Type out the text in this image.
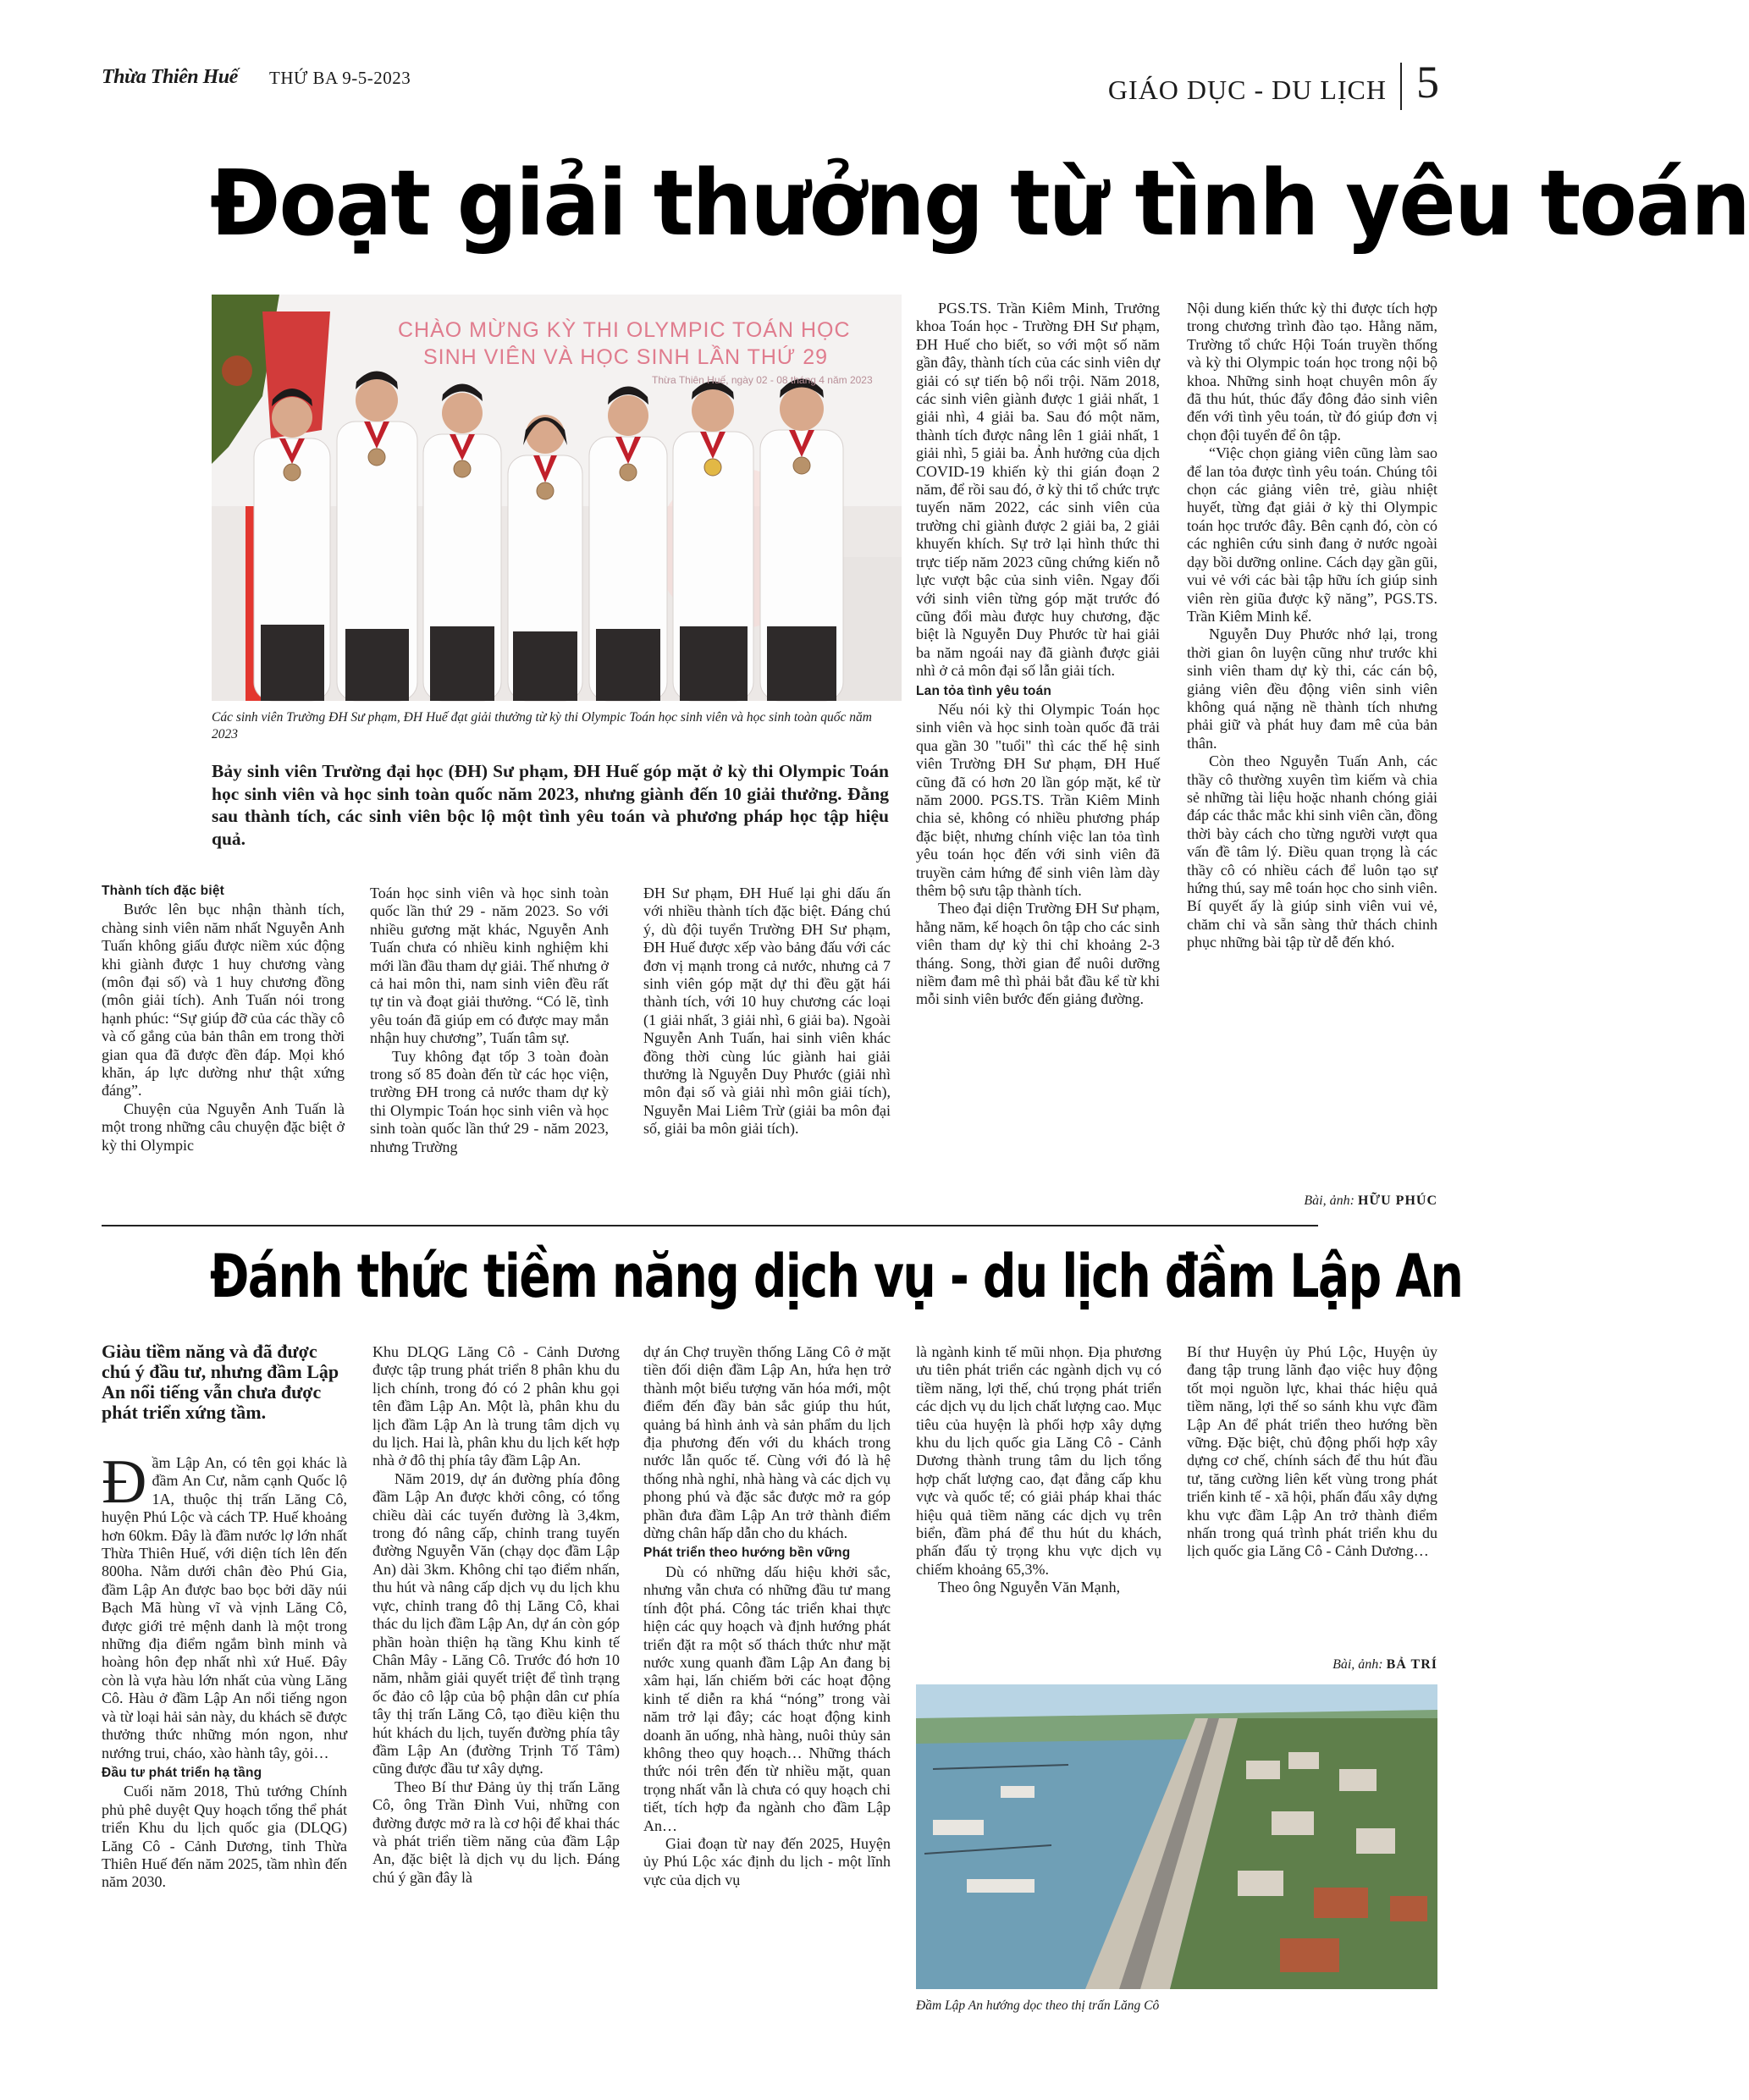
Thừa Thiên Huế THỨ BA 9-5-2023	GIÁO DỤC - DU LỊCH 5
Đoạt giải thưởng từ tình yêu toán
CHÀO MỪNG KỲ THI OLYMPIC TOÁN HỌC
SINH VIÊN VÀ HỌC SINH LẦN THỨ 29
Thừa Thiên Huế, ngày 02 - 08 tháng 4 năm 2023
Các sinh viên Trường ĐH Sư phạm, ĐH Huế đạt giải thưởng từ kỳ thi Olympic Toán học sinh viên và học sinh toàn quốc năm 2023
Bảy sinh viên Trường đại học (ĐH) Sư phạm, ĐH Huế góp mặt ở kỳ thi Olympic Toán học sinh viên và học sinh toàn quốc năm 2023, nhưng giành đến 10 giải thưởng. Đằng sau thành tích, các sinh viên bộc lộ một tình yêu toán và phương pháp học tập hiệu quả.
Thành tích đặc biệt

Bước lên bục nhận thành tích, chàng sinh viên năm nhất Nguyễn Anh Tuấn không giấu được niềm xúc động khi giành được 1 huy chương vàng (môn đại số) và 1 huy chương đồng (môn giải tích). Anh Tuấn nói trong hạnh phúc: “Sự giúp đỡ của các thầy cô và cố gắng của bản thân em trong thời gian qua đã được đền đáp. Mọi khó khăn, áp lực dường như thật xứng đáng”.

Chuyện của Nguyễn Anh Tuấn là một trong những câu chuyện đặc biệt ở kỳ thi Olympic

Toán học sinh viên và học sinh toàn quốc lần thứ 29 - năm 2023. So với nhiều gương mặt khác, Nguyễn Anh Tuấn chưa có nhiều kinh nghiệm khi mới lần đầu tham dự giải. Thế nhưng ở cả hai môn thi, nam sinh viên đều rất tự tin và đoạt giải thưởng. “Có lẽ, tình yêu toán đã giúp em có được may mắn nhận huy chương”, Tuấn tâm sự.

Tuy không đạt tốp 3 toàn đoàn trong số 85 đoàn đến từ các học viện, trường ĐH trong cả nước tham dự kỳ thi Olympic Toán học sinh viên và học sinh toàn quốc lần thứ 29 - năm 2023, nhưng Trường

ĐH Sư phạm, ĐH Huế lại ghi dấu ấn với nhiều thành tích đặc biệt. Đáng chú ý, dù đội tuyển Trường ĐH Sư phạm, ĐH Huế được xếp vào bảng đấu với các đơn vị mạnh trong cả nước, nhưng cả 7 sinh viên góp mặt dự thi đều gặt hái thành tích, với 10 huy chương các loại (1 giải nhất, 3 giải nhì, 6 giải ba). Ngoài Nguyễn Anh Tuấn, hai sinh viên khác đồng thời cùng lúc giành hai giải thưởng là Nguyễn Duy Phước (giải nhì môn đại số và giải nhì môn giải tích), Nguyễn Mai Liêm Trừ (giải ba môn đại số, giải ba môn giải tích).

PGS.TS. Trần Kiêm Minh, Trưởng khoa Toán học - Trường ĐH Sư phạm, ĐH Huế cho biết, so với một số năm gần đây, thành tích của các sinh viên dự giải có sự tiến bộ nổi trội. Năm 2018, các sinh viên giành được 1 giải nhất, 1 giải nhì, 4 giải ba. Sau đó một năm, thành tích được nâng lên 1 giải nhất, 1 giải nhì, 5 giải ba. Ảnh hưởng của dịch COVID-19 khiến kỳ thi gián đoạn 2 năm, để rồi sau đó, ở kỳ thi tổ chức trực tuyến năm 2022, các sinh viên của trường chỉ giành được 2 giải ba, 2 giải khuyến khích. Sự trở lại hình thức thi trực tiếp năm 2023 cũng chứng kiến nỗ lực vượt bậc của sinh viên. Ngay đối với sinh viên từng góp mặt trước đó cũng đổi màu được huy chương, đặc biệt là Nguyễn Duy Phước từ hai giải ba năm ngoái nay đã giành được giải nhì ở cả môn đại số lẫn giải tích.

Lan tỏa tình yêu toán

Nếu nói kỳ thi Olympic Toán học sinh viên và học sinh toàn quốc đã trải qua gần 30 "tuổi" thì các thế hệ sinh viên Trường ĐH Sư phạm, ĐH Huế cũng đã có hơn 20 lần góp mặt, kể từ năm 2000. PGS.TS. Trần Kiêm Minh chia sẻ, không có nhiều phương pháp đặc biệt, nhưng chính việc lan tỏa tình yêu toán học đến với sinh viên đã truyền cảm hứng để sinh viên làm dày thêm bộ sưu tập thành tích.

Theo đại diện Trường ĐH Sư phạm, hằng năm, kế hoạch ôn tập cho các sinh viên tham dự kỳ thi chỉ khoảng 2-3 tháng. Song, thời gian để nuôi dưỡng niềm đam mê thì phải bắt đầu kể từ khi mỗi sinh viên bước đến giảng đường.

Nội dung kiến thức kỳ thi được tích hợp trong chương trình đào tạo. Hằng năm, Trường tổ chức Hội Toán truyền thống và kỳ thi Olympic toán học trong nội bộ khoa. Những sinh hoạt chuyên môn ấy đã thu hút, thúc đẩy đông đảo sinh viên đến với tình yêu toán, từ đó giúp đơn vị chọn đội tuyển để ôn tập.

“Việc chọn giảng viên cũng làm sao để lan tỏa được tình yêu toán. Chúng tôi chọn các giảng viên trẻ, giàu nhiệt huyết, từng đạt giải ở kỳ thi Olympic toán học trước đây. Bên cạnh đó, còn có các nghiên cứu sinh đang ở nước ngoài dạy bồi dưỡng online. Cách dạy gần gũi, vui vẻ với các bài tập hữu ích giúp sinh viên rèn giũa được kỹ năng”, PGS.TS. Trần Kiêm Minh kể.

Nguyễn Duy Phước nhớ lại, trong thời gian ôn luyện cũng như trước khi sinh viên tham dự kỳ thi, các cán bộ, giảng viên đều động viên sinh viên không quá nặng nề thành tích nhưng phải giữ và phát huy đam mê của bản thân.

Còn theo Nguyễn Tuấn Anh, các thầy cô thường xuyên tìm kiếm và chia sẻ những tài liệu hoặc nhanh chóng giải đáp các thắc mắc khi sinh viên cần, đồng thời bày cách cho từng người vượt qua vấn đề tâm lý. Điều quan trọng là các thầy cô có nhiều cách để luôn tạo sự hứng thú, say mê toán học cho sinh viên. Bí quyết ấy là giúp sinh viên vui vẻ, chăm chỉ và sẵn sàng thử thách chinh phục những bài tập từ dễ đến khó.

Bài, ảnh: HỮU PHÚC
Đánh thức tiềm năng dịch vụ - du lịch đầm Lập An
Giàu tiềm năng và đã được chú ý đầu tư, nhưng đầm Lập An nổi tiếng vẫn chưa được phát triển xứng tầm.
Đ ầm Lập An, có tên gọi khác là đầm An Cư, nằm cạnh Quốc lộ 1A, thuộc thị trấn Lăng Cô, huyện Phú Lộc và cách TP. Huế khoảng hơn 60km. Đây là đầm nước lợ lớn nhất Thừa Thiên Huế, với diện tích lên đến 800ha. Nằm dưới chân đèo Phú Gia, đầm Lập An được bao bọc bởi dãy núi Bạch Mã hùng vĩ và vịnh Lăng Cô, được giới trẻ mệnh danh là một trong những địa điểm ngắm bình minh và hoàng hôn đẹp nhất nhì xứ Huế. Đây còn là vựa hàu lớn nhất của vùng Lăng Cô. Hàu ở đầm Lập An nổi tiếng ngon và từ loại hải sản này, du khách sẽ được thưởng thức những món ngon, như nướng trui, cháo, xào hành tây, gỏi…

Đầu tư phát triển hạ tầng

Cuối năm 2018, Thủ tướng Chính phủ phê duyệt Quy hoạch tổng thể phát triển Khu du lịch quốc gia (DLQG) Lăng Cô - Cảnh Dương, tỉnh Thừa Thiên Huế đến năm 2025, tầm nhìn đến năm 2030.

Khu DLQG Lăng Cô - Cảnh Dương được tập trung phát triển 8 phân khu du lịch chính, trong đó có 2 phân khu gọi tên đầm Lập An. Một là, phân khu du lịch đầm Lập An là trung tâm dịch vụ du lịch. Hai là, phân khu du lịch kết hợp nhà ở đô thị phía tây đầm Lập An.

Năm 2019, dự án đường phía đông đầm Lập An được khởi công, có tổng chiều dài các tuyến đường là 3,4km, trong đó nâng cấp, chỉnh trang tuyến đường Nguyễn Văn (chạy dọc đầm Lập An) dài 3km. Không chỉ tạo điểm nhấn, thu hút và nâng cấp dịch vụ du lịch khu vực, chỉnh trang đô thị Lăng Cô, khai thác du lịch đầm Lập An, dự án còn góp phần hoàn thiện hạ tầng Khu kinh tế Chân Mây - Lăng Cô. Trước đó hơn 10 năm, nhằm giải quyết triệt để tình trạng ốc đảo cô lập của bộ phận dân cư phía tây thị trấn Lăng Cô, tạo điều kiện thu hút khách du lịch, tuyến đường phía tây đầm Lập An (đường Trịnh Tố Tâm) cũng được đầu tư xây dựng.

Theo Bí thư Đảng ủy thị trấn Lăng Cô, ông Trần Đình Vui, những con đường được mở ra là cơ hội để khai thác và phát triển tiềm năng của đầm Lập An, đặc biệt là dịch vụ du lịch. Đáng chú ý gần đây là

dự án Chợ truyền thống Lăng Cô ở mặt tiền đối diện đầm Lập An, hứa hẹn trở thành một biểu tượng văn hóa mới, một điểm đến đầy bản sắc giúp thu hút, quảng bá hình ảnh và sản phẩm du lịch địa phương đến với du khách trong nước lẫn quốc tế. Cùng với đó là hệ thống nhà nghỉ, nhà hàng và các dịch vụ phong phú và đặc sắc được mở ra góp phần đưa đầm Lập An trở thành điểm dừng chân hấp dẫn cho du khách.

Phát triển theo hướng bền vững

Dù có những dấu hiệu khởi sắc, nhưng vẫn chưa có những đầu tư mang tính đột phá. Công tác triển khai thực hiện các quy hoạch và định hướng phát triển đặt ra một số thách thức như mặt nước xung quanh đầm Lập An đang bị xâm hại, lấn chiếm bởi các hoạt động kinh tế diễn ra khá “nóng” trong vài năm trở lại đây; các hoạt động kinh doanh ăn uống, nhà hàng, nuôi thủy sản không theo quy hoạch… Những thách thức nói trên đến từ nhiều mặt, quan trọng nhất vẫn là chưa có quy hoạch chi tiết, tích hợp đa ngành cho đầm Lập An…

Giai đoạn từ nay đến 2025, Huyện ủy Phú Lộc xác định du lịch - một lĩnh vực của dịch vụ

là ngành kinh tế mũi nhọn. Địa phương ưu tiên phát triển các ngành dịch vụ có tiềm năng, lợi thế, chú trọng phát triển các dịch vụ du lịch chất lượng cao. Mục tiêu của huyện là phối hợp xây dựng khu du lịch quốc gia Lăng Cô - Cảnh Dương thành trung tâm du lịch tổng hợp chất lượng cao, đạt đẳng cấp khu vực và quốc tế; có giải pháp khai thác hiệu quả tiềm năng các dịch vụ trên biển, đầm phá để thu hút du khách, phấn đấu tỷ trọng khu vực dịch vụ chiếm khoảng 65,3%.

Theo ông Nguyễn Văn Mạnh,

Bí thư Huyện ủy Phú Lộc, Huyện ủy đang tập trung lãnh đạo việc huy động tốt mọi nguồn lực, khai thác hiệu quả tiềm năng, lợi thế so sánh khu vực đầm Lập An để phát triển theo hướng bền vững. Đặc biệt, chủ động phối hợp xây dựng cơ chế, chính sách để thu hút đầu tư, tăng cường liên kết vùng trong phát triển kinh tế - xã hội, phấn đấu xây dựng khu vực đầm Lập An trở thành điểm nhấn trong quá trình phát triển khu du lịch quốc gia Lăng Cô - Cảnh Dương…

Bài, ảnh: BẢ TRÍ
Đầm Lập An hướng dọc theo thị trấn Lăng Cô
